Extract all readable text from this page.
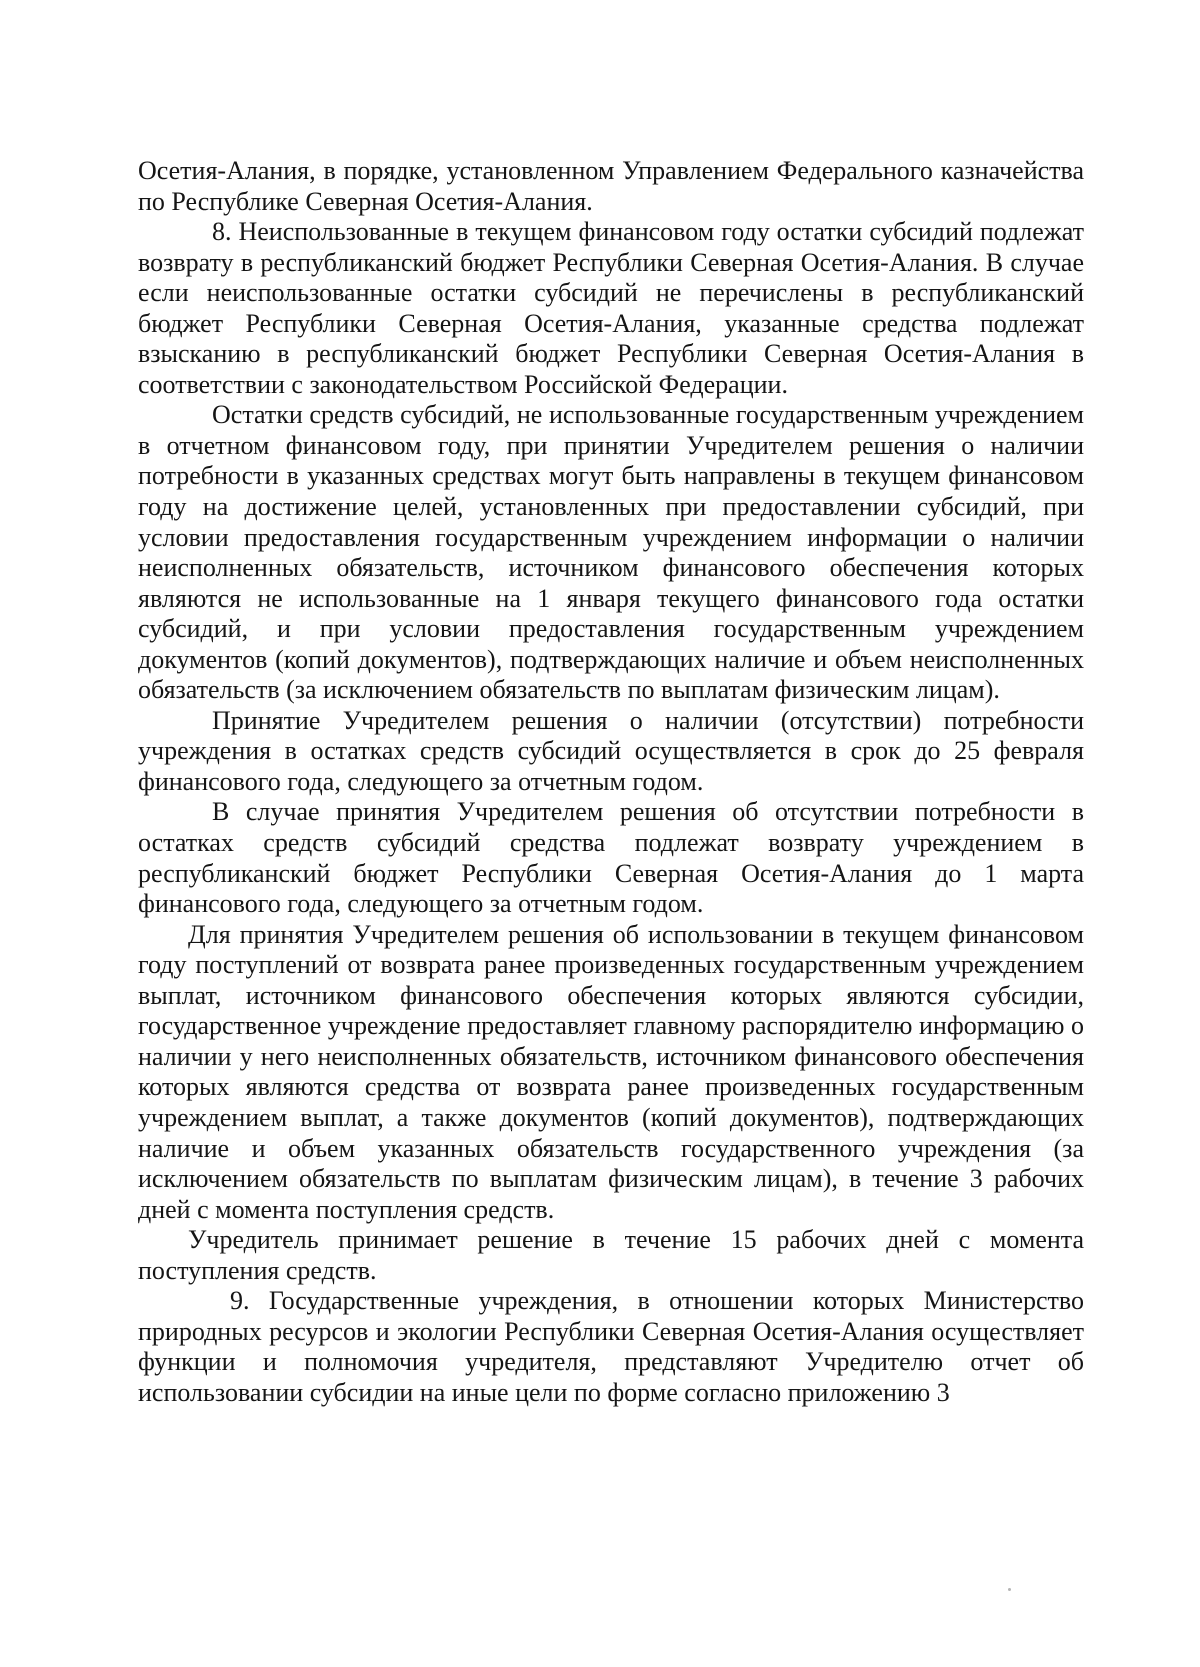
Осетия-Алания, в порядке, установленном Управлением Федерального казначейства по Республике Северная Осетия-Алания.

8. Неиспользованные в текущем финансовом году остатки субсидий подлежат возврату в республиканский бюджет Республики Северная Осетия-Алания. В случае если неиспользованные остатки субсидий не перечислены в республиканский бюджет Республики Северная Осетия-Алания, указанные средства подлежат взысканию в республиканский бюджет Республики Северная Осетия-Алания в соответствии с законодательством Российской Федерации.

Остатки средств субсидий, не использованные государственным учреждением в отчетном финансовом году, при принятии Учредителем решения о наличии потребности в указанных средствах могут быть направлены в текущем финансовом году на достижение целей, установленных при предоставлении субсидий, при условии предоставления государственным учреждением информации о наличии неисполненных обязательств, источником финансового обеспечения которых являются не использованные на 1 января текущего финансового года остатки субсидий, и при условии предоставления государственным учреждением документов (копий документов), подтверждающих наличие и объем неисполненных обязательств (за исключением обязательств по выплатам физическим лицам).

Принятие Учредителем решения о наличии (отсутствии) потребности учреждения в остатках средств субсидий осуществляется в срок до 25 февраля финансового года, следующего за отчетным годом.

В случае принятия Учредителем решения об отсутствии потребности в остатках средств субсидий средства подлежат возврату учреждением в республиканский бюджет Республики Северная Осетия-Алания до 1 марта финансового года, следующего за отчетным годом.

Для принятия Учредителем решения об использовании в текущем финансовом году поступлений от возврата ранее произведенных государственным учреждением выплат, источником финансового обеспечения которых являются субсидии, государственное учреждение предоставляет главному распорядителю информацию о наличии у него неисполненных обязательств, источником финансового обеспечения которых являются средства от возврата ранее произведенных государственным учреждением выплат, а также документов (копий документов), подтверждающих наличие и объем указанных обязательств государственного учреждения (за исключением обязательств по выплатам физическим лицам), в течение 3 рабочих дней с момента поступления средств.

Учредитель принимает решение в течение 15 рабочих дней с момента поступления средств.

9. Государственные учреждения, в отношении которых Министерство природных ресурсов и экологии Республики Северная Осетия-Алания осуществляет функции и полномочия учредителя, представляют Учредителю отчет об использовании субсидии на иные цели по форме согласно приложению 3
